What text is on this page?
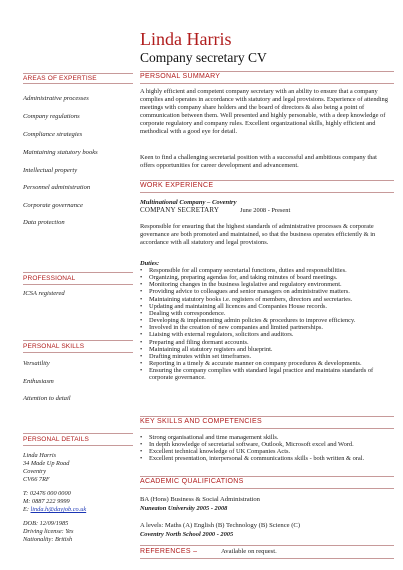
Linda Harris
Company secretary CV
AREAS OF EXPERTISE
Administrative processes
Company regulations
Compliance strategies
Maintaining statutory books
Intellectual property
Personnel administration
Corporate governance
Data protection
PROFESSIONAL
ICSA registered
PERSONAL SKILLS
Versatility
Enthusiasm
Attention to detail
PERSONAL DETAILS
Linda Harris
34 Made Up Road
Coventry
CV66 7RF
T: 02476 000 0000
M: 0887 222 9999
E: linda.h@dayjob.co.uk
DOB: 12/09/1985
Driving license: Yes
Nationality: British
PERSONAL SUMMARY
A highly efficient and competent company secretary with an ability to ensure that a company complies and operates in accordance with statutory and legal provisions. Experience of attending meetings with company share holders and the board of directors & also being a point of communication between them. Well presented and highly personable, with a deep knowledge of corporate regulatory and company rules. Excellent organizational skills, highly efficient and methodical with a good eye for detail.
Keen to find a challenging secretarial position with a successful and ambitious company that offers opportunities for career development and advancement.
WORK EXPERIENCE
Multinational Company – Coventry
COMPANY SECRETARY	June 2008 - Present
Responsible for ensuring that the highest standards of administrative processes & corporate governance are both promoted and maintained, so that the business operates efficiently & in accordance with all statutory and legal provisions.
Duties:
• Responsible for all company secretarial functions, duties and responsibilities.
• Organizing, preparing agendas for, and taking minutes of board meetings.
• Monitoring changes in the business legislative and regulatory environment.
• Providing advice to colleagues and senior managers on administrative matters.
• Maintaining statutory books i.e. registers of members, directors and secretaries.
• Updating and maintaining all licences and Companies House records.
• Dealing with correspondence.
• Developing & implementing admin policies & procedures to improve efficiency.
• Involved in the creation of new companies and limited partnerships.
• Liaising with external regulators, solicitors and auditors.
• Preparing and filing dormant accounts.
• Maintaining all statutory registers and blueprint.
• Drafting minutes within set timeframes.
• Reporting in a timely & accurate manner on company procedures & developments.
• Ensuring the company complies with standard legal practice and maintains standards of corporate governance.
KEY SKILLS AND COMPETENCIES
• Strong organisational and time management skills.
• In depth knowledge of secretarial software, Outlook, Microsoft excel and Word.
• Excellent technical knowledge of UK Companies Acts.
• Excellent presentation, interpersonal & communications skills - both written & oral.
ACADEMIC QUALIFICATIONS
BA (Hons) Business & Social Administration
Nuneaton University 2005 - 2008
A levels: Maths (A) English (B) Technology (B) Science (C)
Coventry North School 2000 - 2005
REFERENCES –	Available on request.
